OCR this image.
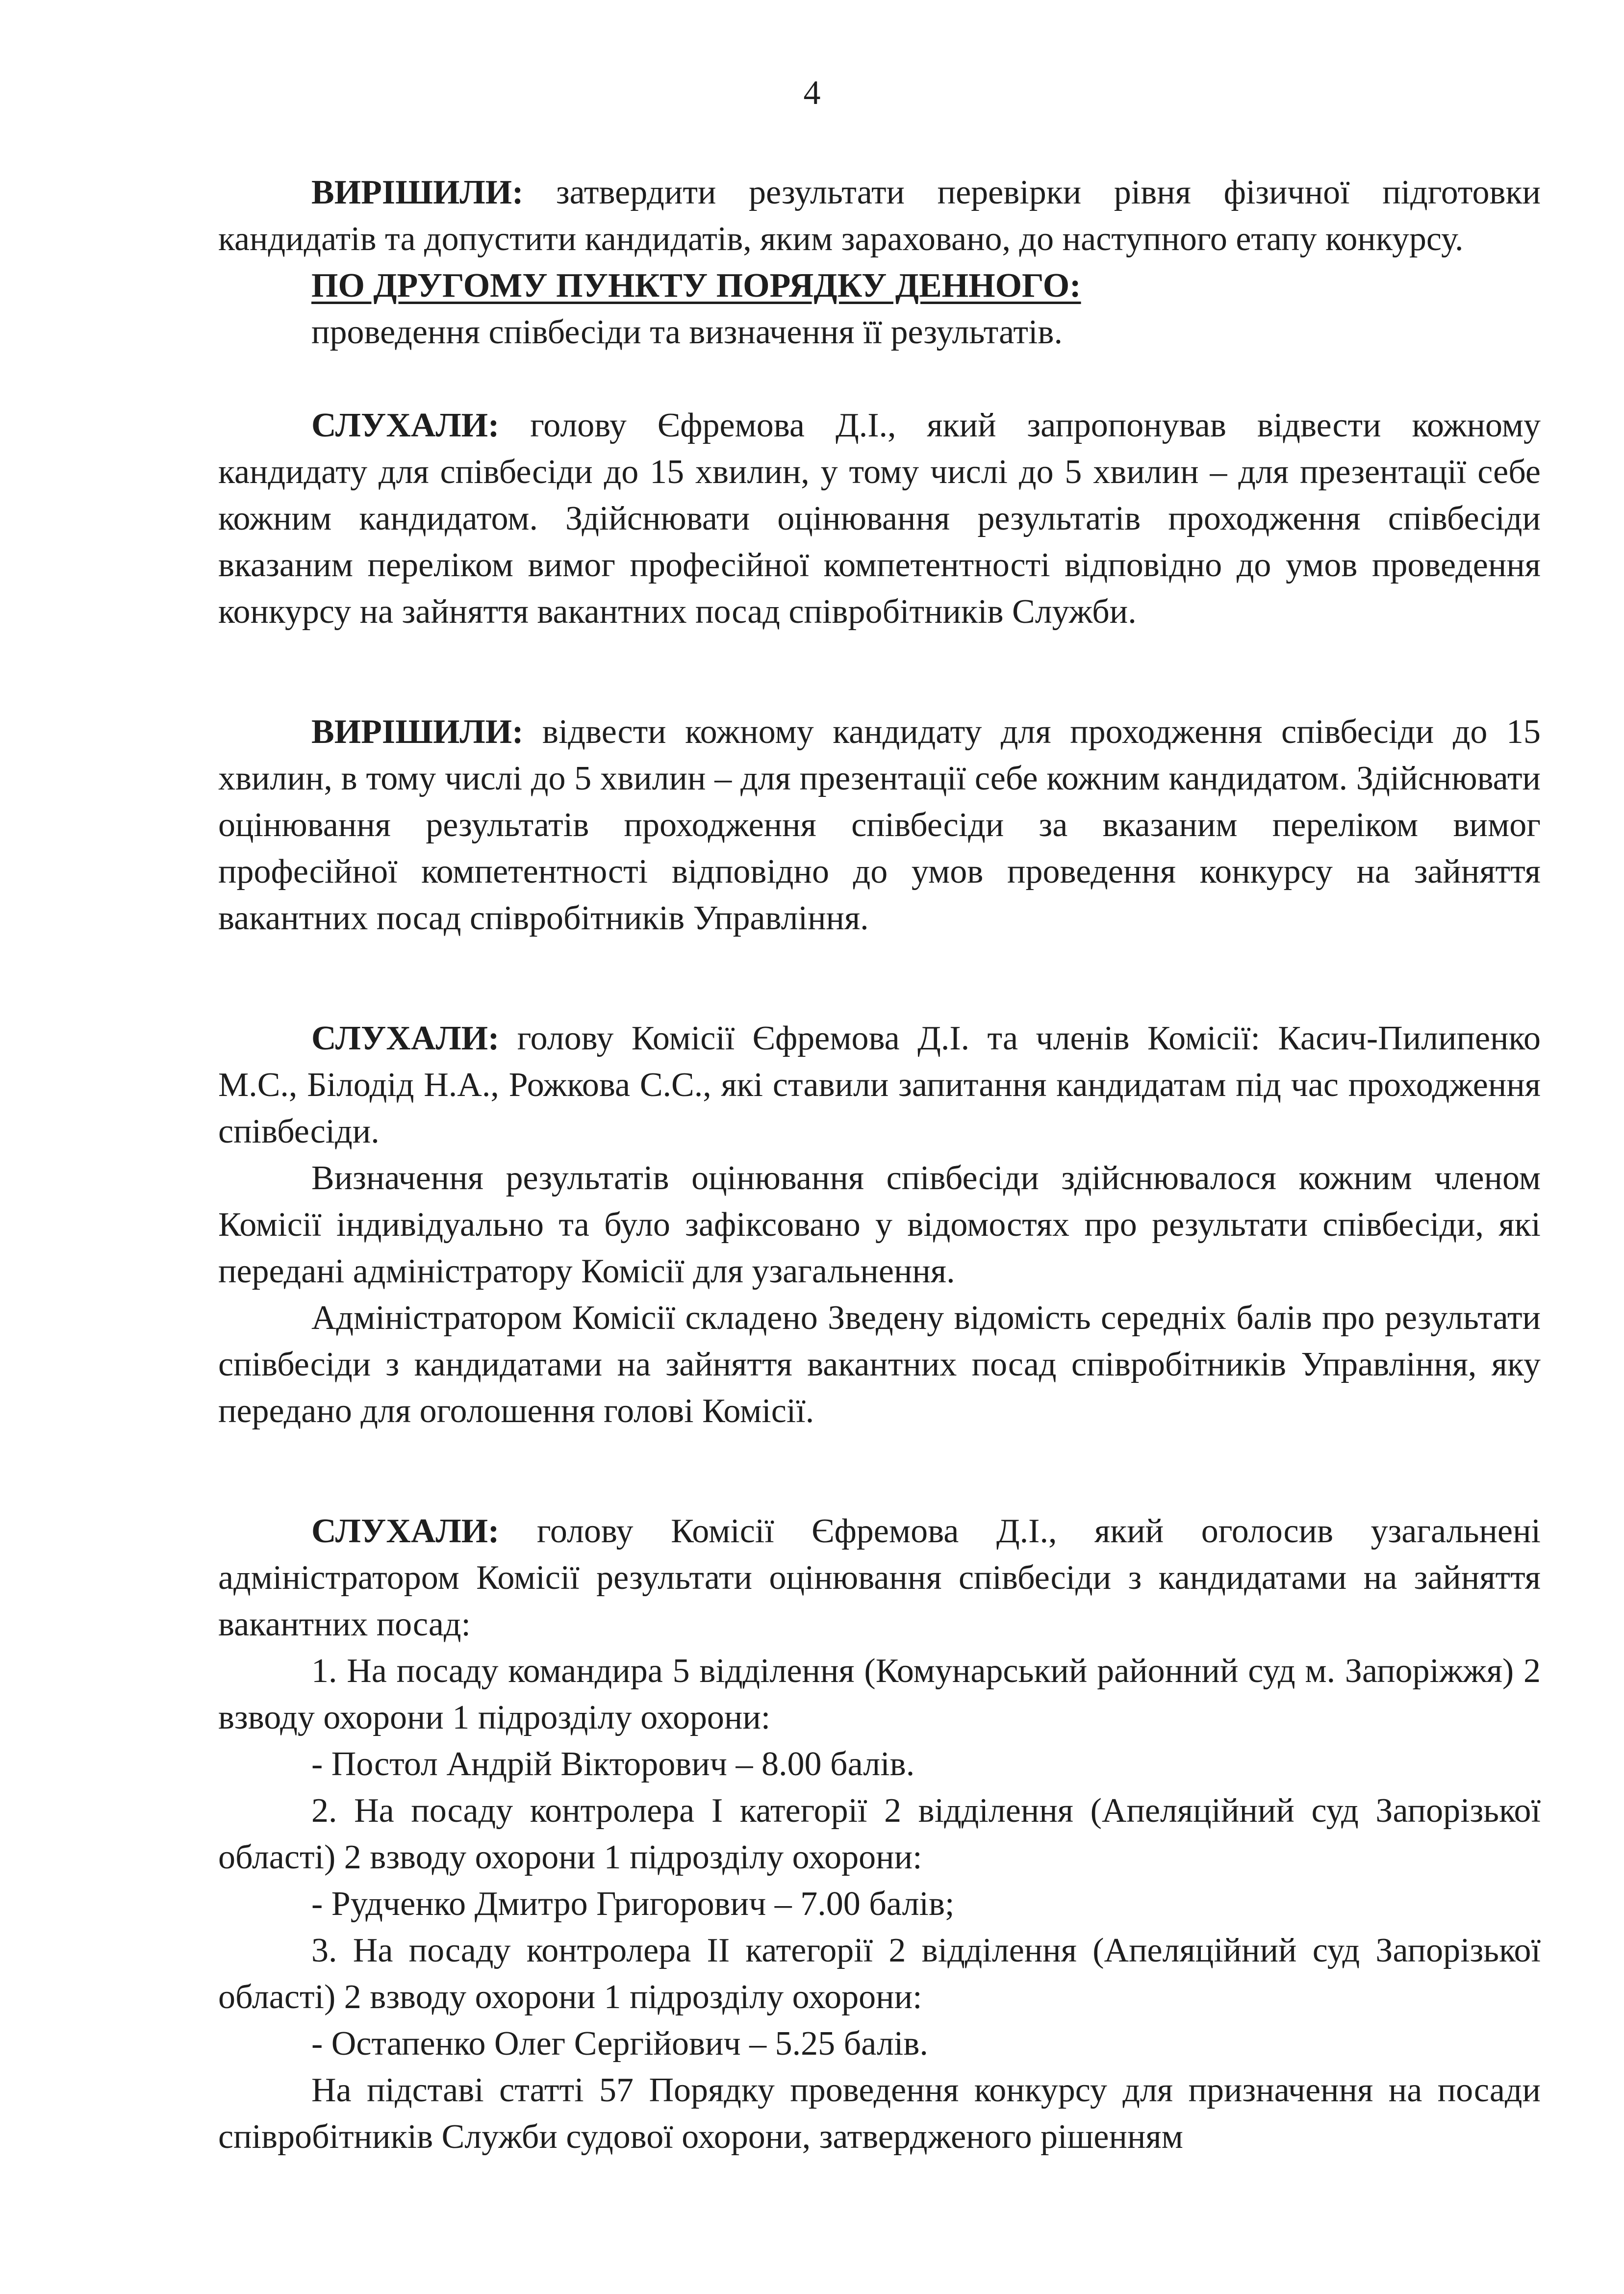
4

ВИРІШИЛИ: затвердити результати перевірки рівня фізичної підготовки кандидатів та допустити кандидатів, яким зараховано, до наступного етапу конкурсу.

ПО ДРУГОМУ ПУНКТУ ПОРЯДКУ ДЕННОГО:
проведення співбесіди та визначення її результатів.

СЛУХАЛИ: голову Єфремова Д.І., який запропонував відвести кожному кандидату для співбесіди до 15 хвилин, у тому числі до 5 хвилин – для презентації себе кожним кандидатом. Здійснювати оцінювання результатів проходження співбесіди вказаним переліком вимог професійної компетентності відповідно до умов проведення конкурсу на зайняття вакантних посад співробітників Служби.

ВИРІШИЛИ: відвести кожному кандидату для проходження співбесіди до 15 хвилин, в тому числі до 5 хвилин – для презентації себе кожним кандидатом. Здійснювати оцінювання результатів проходження співбесіди за вказаним переліком вимог професійної компетентності відповідно до умов проведення конкурсу на зайняття вакантних посад співробітників Управління.

СЛУХАЛИ: голову Комісії Єфремова Д.І. та членів Комісії: Касич-Пилипенко М.С., Білодід Н.А., Рожкова С.С., які ставили запитання кандидатам під час проходження співбесіди.

Визначення результатів оцінювання співбесіди здійснювалося кожним членом Комісії індивідуально та було зафіксовано у відомостях про результати співбесіди, які передані адміністратору Комісії для узагальнення.

Адміністратором Комісії складено Зведену відомість середніх балів про результати співбесіди з кандидатами на зайняття вакантних посад співробітників Управління, яку передано для оголошення голові Комісії.

СЛУХАЛИ: голову Комісії Єфремова Д.І., який оголосив узагальнені адміністратором Комісії результати оцінювання співбесіди з кандидатами на зайняття вакантних посад:

1. На посаду командира 5 відділення (Комунарський районний суд м. Запоріжжя) 2 взводу охорони 1 підрозділу охорони:

- Постол Андрій Вікторович – 8.00 балів.

2. На посаду контролера І категорії 2 відділення (Апеляційний суд Запорізької області) 2 взводу охорони 1 підрозділу охорони:

- Рудченко Дмитро Григорович – 7.00 балів;

3. На посаду контролера ІІ категорії 2 відділення (Апеляційний суд Запорізької області) 2 взводу охорони 1 підрозділу охорони:

- Остапенко Олег Сергійович – 5.25 балів.

На підставі статті 57 Порядку проведення конкурсу для призначення на посади співробітників Служби судової охорони, затвердженого рішенням
